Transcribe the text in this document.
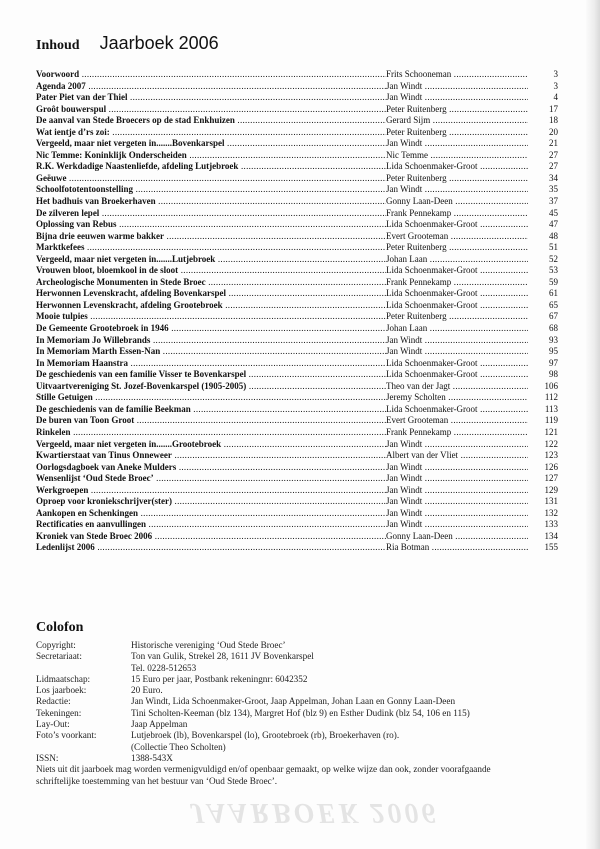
Inhoud Jaarboek 2006
Voorwoord .....	Frits Schooneman .....	3
Agenda 2007 .....	Jan Windt .....	3
Pater Piet van der Thiel .....	Jan Windt .....	4
Groôt bouwerspul .....	Peter Ruitenberg .....	17
De aanval van Stede Broecers op de stad Enkhuizen .....	Gerard Sijm .....	18
Wat ientje d’rs zoi: .....	Peter Ruitenberg .....	20
Vergeeld, maar niet vergeten in.......Bovenkarspel .....	Jan Windt .....	21
Nic Temme: Koninklijk Onderscheiden .....	Nic Temme .....	27
R.K. Werkdadige Naastenliefde, afdeling Lutjebroek .....	Lida Schoenmaker-Groot .....	27
Geëuwe .....	Peter Ruitenberg .....	34
Schoolfototentoonstelling .....	Jan Windt .....	35
Het badhuis van Broekerhaven .....	Gonny Laan-Deen .....	37
De zilveren lepel .....	Frank Pennekamp .....	45
Oplossing van Rebus .....	Lida Schoenmaker-Groot .....	47
Bijna drie eeuwen warme bakker .....	Evert Grooteman .....	48
Marktkefees .....	Peter Ruitenberg .....	51
Vergeeld, maar niet vergeten in.......Lutjebroek .....	Johan Laan .....	52
Vrouwen bloot, bloemkool in de sloot .....	Lida Schoenmaker-Groot .....	53
Archeologische Monumenten in Stede Broec .....	Frank Pennekamp .....	59
Herwonnen Levenskracht, afdeling Bovenkarspel .....	Lida Schoenmaker-Groot .....	61
Herwonnen Levenskracht, afdeling Grootebroek .....	Lida Schoenmaker-Groot .....	65
Mooie tulpies .....	Peter Ruitenberg .....	67
De Gemeente Grootebroek in 1946 .....	Johan Laan .....	68
In Memoriam Jo Willebrands .....	Jan Windt .....	93
In Memoriam Marth Essen-Nan .....	Jan Windt .....	95
In Memoriam Haanstra .....	Lida Schoenmaker-Groot .....	97
De geschiedenis van een familie Visser te Bovenkarspel .....	Lida Schoenmaker-Groot .....	98
Uitvaartvereniging St. Jozef-Bovenkarspel (1905-2005) .....	Theo van der Jagt .....	106
Stille Getuigen .....	Jeremy Scholten .....	112
De geschiedenis van de familie Beekman .....	Lida Schoenmaker-Groot .....	113
De buren van Toon Groot .....	Evert Grooteman .....	119
Rinkelen .....	Frank Pennekamp .....	121
Vergeeld, maar niet vergeten in.......Grootebroek .....	Jan Windt .....	122
Kwartierstaat van Tinus Onneweer .....	Albert van der Vliet .....	123
Oorlogsdagboek van Aneke Mulders .....	Jan Windt .....	126
Wensenlijst ‘Oud Stede Broec’ .....	Jan Windt .....	127
Werkgroepen .....	Jan Windt .....	129
Oproep voor kroniekschrijver(ster) .....	Jan Windt .....	131
Aankopen en Schenkingen .....	Jan Windt .....	132
Rectificaties en aanvullingen .....	Jan Windt .....	133
Kroniek van Stede Broec 2006 .....	Gonny Laan-Deen .....	134
Ledenlijst 2006 .....	Ria Botman .....	155
Colofon
Copyright:	Historische vereniging ‘Oud Stede Broec’
Secretariaat:	Ton van Gulik, Strekel 28, 1611 JV Bovenkarspel
Tel. 0228-512653
Lidmaatschap:	15 Euro per jaar, Postbank rekeningnr: 6042352
Los jaarboek:	20 Euro.
Redactie:	Jan Windt, Lida Schoenmaker-Groot, Jaap Appelman, Johan Laan en Gonny Laan-Deen
Tekeningen:	Tini Scholten-Keeman (blz 134), Margret Hof (blz 9) en Esther Dudink (blz 54, 106 en 115)
Lay-Out:	Jaap Appelman
Foto’s voorkant:	Lutjebroek (lb), Bovenkarspel (lo), Grootebroek (rb), Broekerhaven (ro).
(Collectie Theo Scholten)
ISSN:	1388-543X
Niets uit dit jaarboek mag worden vermenigvuldigd en/of openbaar gemaakt, op welke wijze dan ook, zonder voorafgaande
schriftelijke toestemming van het bestuur van ‘Oud Stede Broec’.
JAARBOEK 2006
